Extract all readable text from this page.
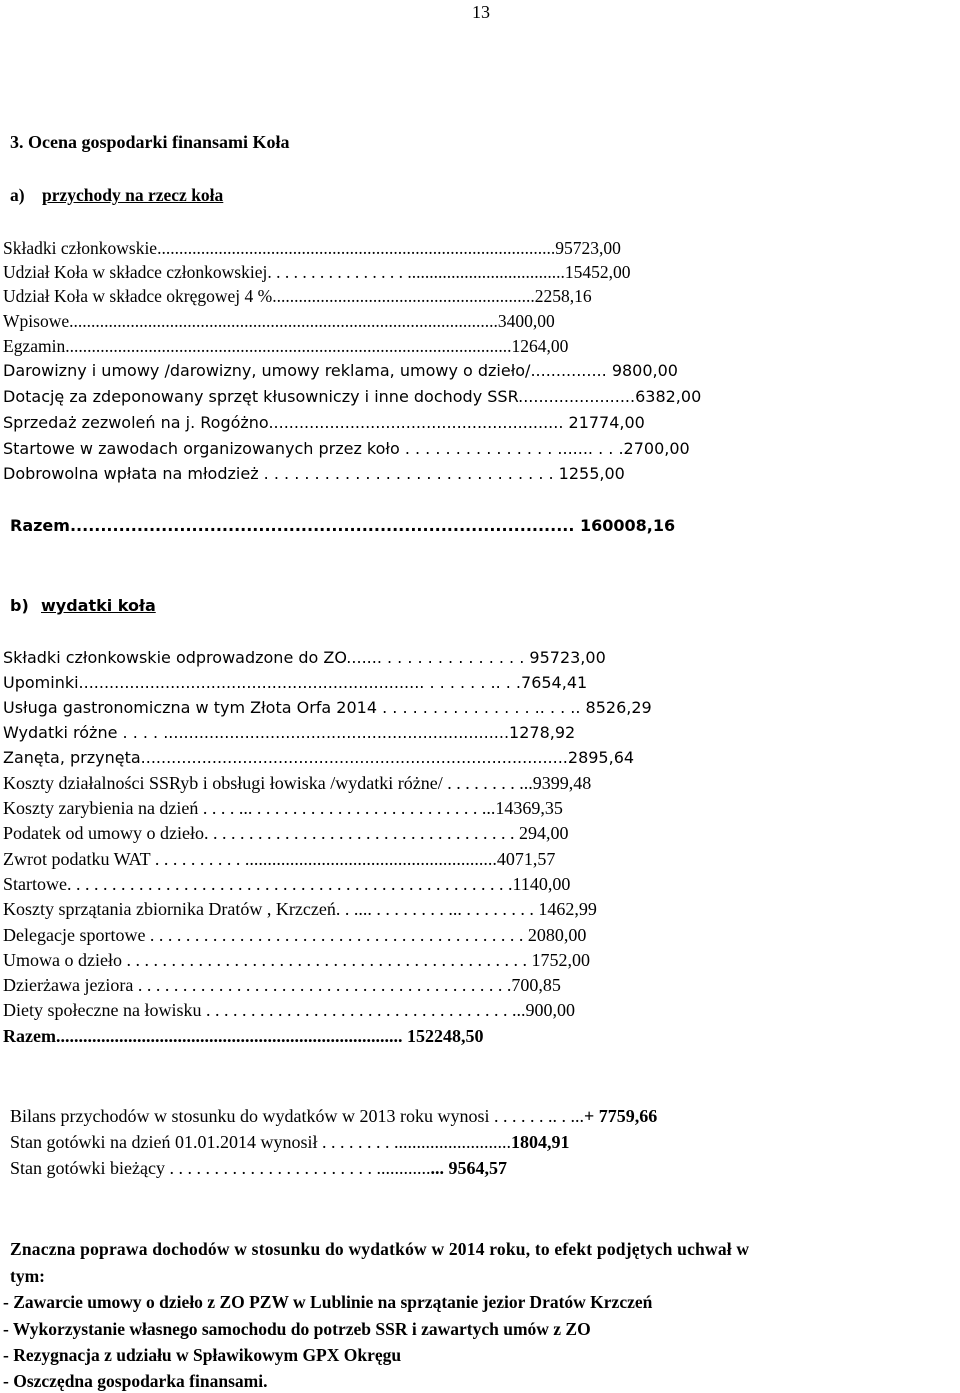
13
3. Ocena gospodarki finansami Koła
a) przychody na rzecz koła
Składki członkowskie...........................................................................................95723,00
Udział Koła w składce członkowskiej. . . . . . . . . . . . . . . . ....................................15452,00
Udział Koła w składce okręgowej 4 %............................................................2258,16
Wpisowe..................................................................................................3400,00
Egzamin......................................................................................................1264,00
Darowizny i umowy /darowizny, umowy reklama, umowy o dzieło/............... 9800,00
Dotację za zdeponowany sprzęt kłusowniczy i inne dochody SSR.......................6382,00
Sprzedaż zezwoleń na j. Rogóżno.......................................................... 21774,00
Startowe w zawodach organizowanych przez koło . . . . . . . . . . . . . . . ....... . . .2700,00
Dobrowolna wpłata na młodzież . . . . . . . . . . . . . . . . . . . . . . . . . . . . . 1255,00
Razem................................................................................... 160008,16
b) wydatki koła
Składki członkowskie odprowadzone do ZO....... . . . . . . . . . . . . . . 95723,00
Upominki.................................................................... . . . . . . .. . .7654,41
Usługa gastronomiczna w tym Złota Orfa 2014 . . . . . . . . . . . . . . . .. . . .. 8526,29
Wydatki różne . . . . ....................................................................1278,92
Zanęta, przynęta....................................................................................2895,64
Koszty działalności SSRyb i obsługi łowiska /wydatki różne/ . . . . . . . . ...9399,48
Koszty zarybienia na dzień . . . . ... . . . . . . . . . . . . . . . . . . . . . . . . . ...14369,35
Podatek od umowy o dzieło. . . . . . . . . . . . . . . . . . . . . . . . . . . . . . . . . . . 294,00
Zwrot podatku WAT . . . . . . . . . . ........................................................4071,57
Startowe. . . . . . . . . . . . . . . . . . . . . . . . . . . . . . . . . . . . . . . . . . . . . . . . . .1140,00
Koszty sprzątania zbiornika Dratów , Krzczeń. . .... . . . . . . . . ... . . . . . . . . 1462,99
Delegacje sportowe . . . . . . . . . . . . . . . . . . . . . . . . . . . . . . . . . . . . . . . . . . 2080,00
Umowa o dzieło . . . . . . . . . . . . . . . . . . . . . . . . . . . . . . . . . . . . . . . . . . . . . 1752,00
Dzierżawa jeziora . . . . . . . . . . . . . . . . . . . . . . . . . . . . . . . . . . . . . . . . . .700,85
Diety społeczne na łowisku . . . . . . . . . . . . . . . . . . . . . . . . . . . . . . . . . . ...900,00
Razem............................................................................. 152248,50
Bilans przychodów w stosunku do wydatków w 2013 roku wynosi . . . . . . .. . ...+ 7759,66
Stan gotówki na dzień 01.01.2014 wynosił . . . . . . . . ..........................1804,91
Stan gotówki bieżący . . . . . . . . . . . . . . . . . . . . . . . ............... 9564,57
Znaczna poprawa dochodów w stosunku do wydatków w 2014 roku, to efekt podjętych uchwał w
tym:
- Zawarcie umowy o dzieło z ZO PZW w Lublinie na sprzątanie jezior Dratów Krzczeń
- Wykorzystanie własnego samochodu do potrzeb SSR i zawartych umów z ZO
- Rezygnacja z udziału w Spławikowym GPX Okręgu
- Oszczędna gospodarka finansami.
